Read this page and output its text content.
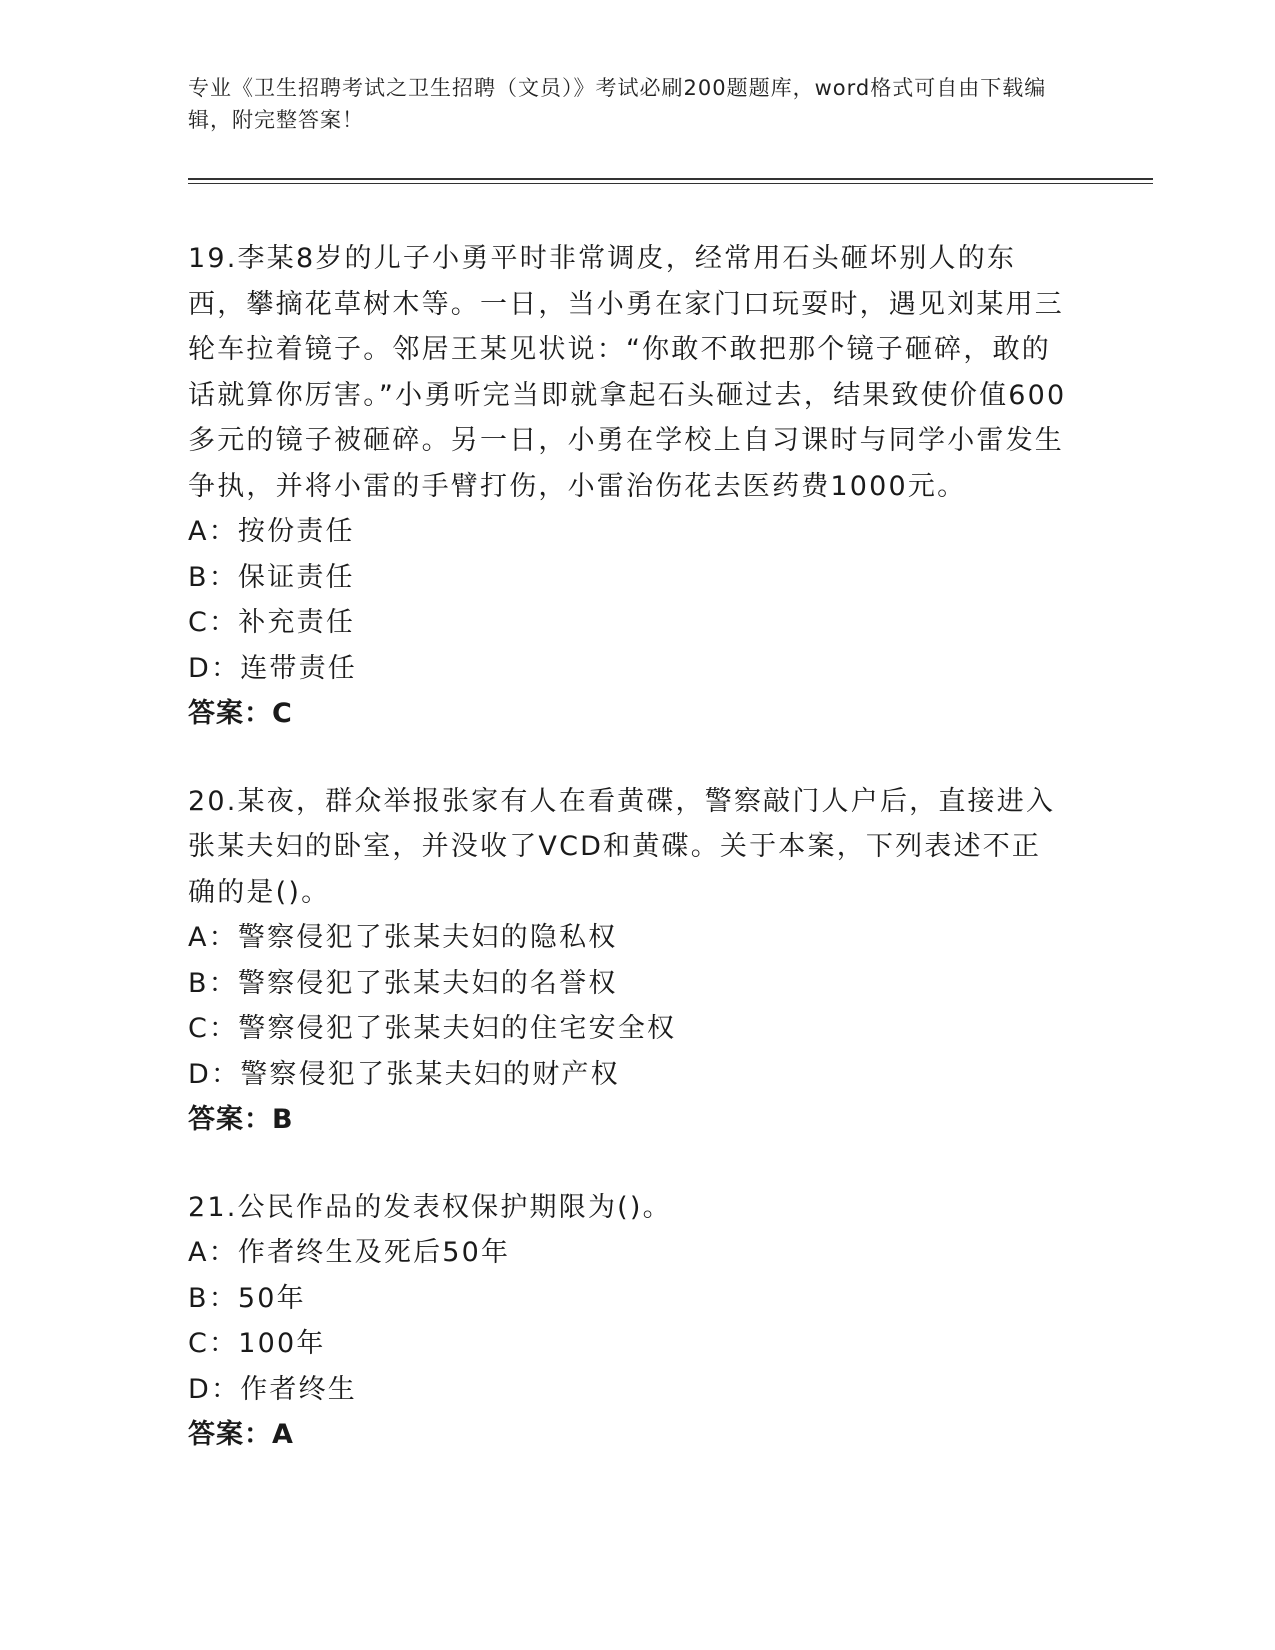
专业《卫生招聘考试之卫生招聘（文员）》考试必刷200题题库，word格式可自由下载编辑，附完整答案！

19.李某8岁的儿子小勇平时非常调皮，经常用石头砸坏别人的东西，攀摘花草树木等。一日，当小勇在家门口玩耍时，遇见刘某用三轮车拉着镜子。邻居王某见状说：“你敢不敢把那个镜子砸碎，敢的话就算你厉害。”小勇听完当即就拿起石头砸过去，结果致使价值600多元的镜子被砸碎。另一日，小勇在学校上自习课时与同学小雷发生争执，并将小雷的手臂打伤，小雷治伤花去医药费1000元。

A：按份责任

B：保证责任

C：补充责任

D：连带责任

答案：C

20.某夜，群众举报张家有人在看黄碟，警察敲门人户后，直接进入张某夫妇的卧室，并没收了VCD和黄碟。关于本案，下列表述不正确的是()。

A：警察侵犯了张某夫妇的隐私权

B：警察侵犯了张某夫妇的名誉权

C：警察侵犯了张某夫妇的住宅安全权

D：警察侵犯了张某夫妇的财产权

答案：B

21.公民作品的发表权保护期限为()。

A：作者终生及死后50年

B：50年

C：100年

D：作者终生

答案：A
